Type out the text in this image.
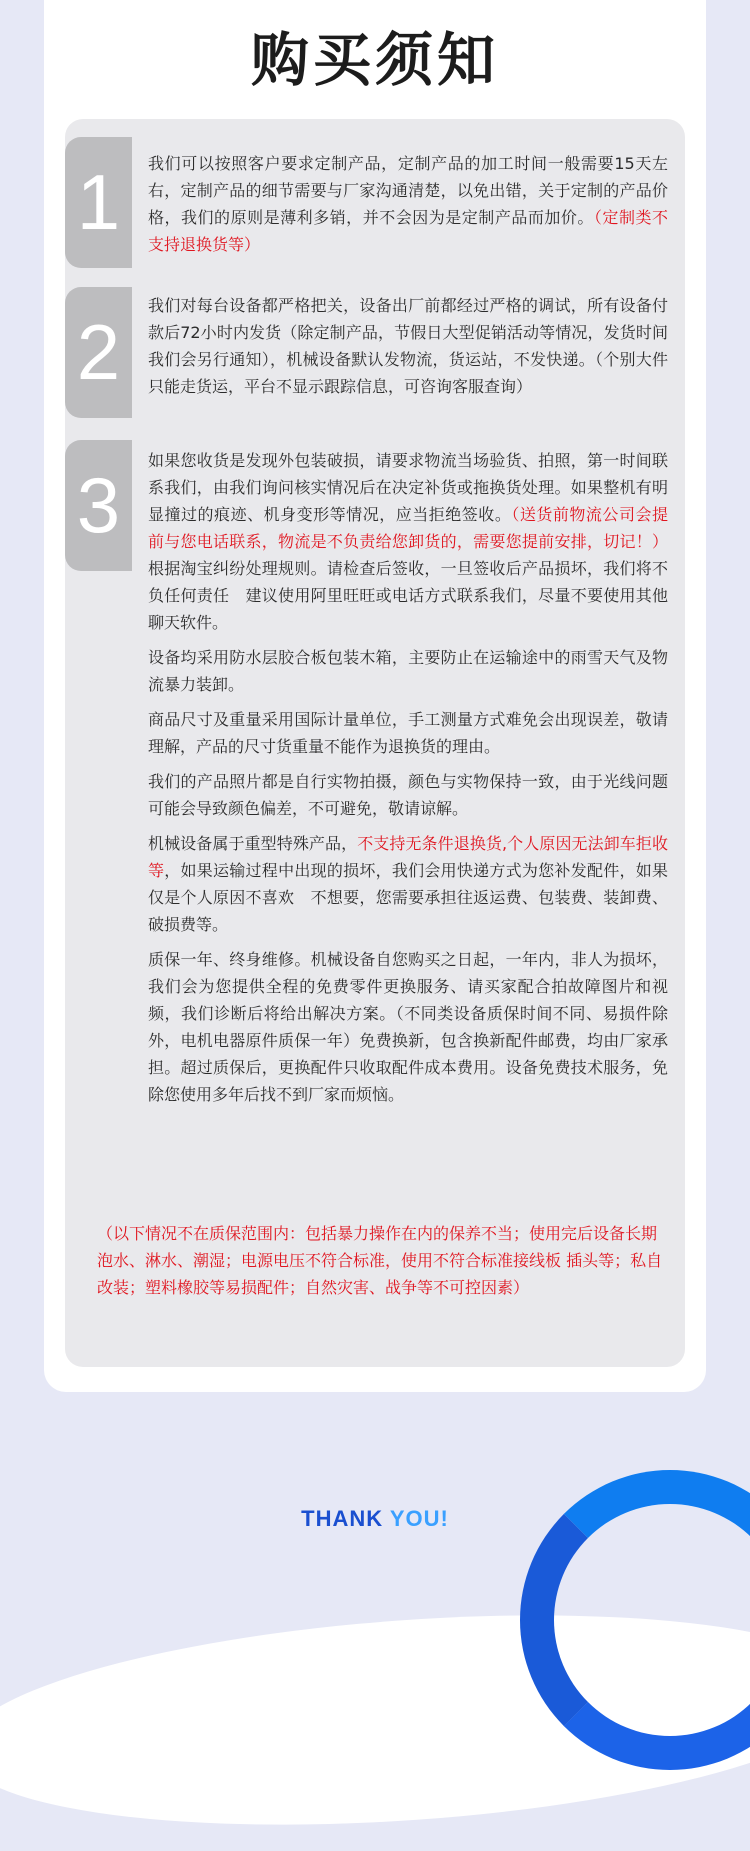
购买须知
1
2
3

我们可以按照客户要求定制产品，定制产品的加工时间一般需要15天左右，定制产品的细节需要与厂家沟通清楚，以免出错，关于定制的产品价格，我们的原则是薄利多销，并不会因为是定制产品而加价。（定制类不支持退换货等）

我们对每台设备都严格把关，设备出厂前都经过严格的调试，所有设备付款后72小时内发货（除定制产品，节假日大型促销活动等情况，发货时间我们会另行通知），机械设备默认发物流，货运站，不发快递。（个别大件只能走货运，平台不显示跟踪信息，可咨询客服查询）

如果您收货是发现外包装破损，请要求物流当场验货、拍照，第一时间联系我们，由我们询问核实情况后在决定补货或拖换货处理。如果整机有明显撞过的痕迹、机身变形等情况，应当拒绝签收。（送货前物流公司会提前与您电话联系，物流是不负责给您卸货的，需要您提前安排，切记！）根据淘宝纠纷处理规则。请检查后签收，一旦签收后产品损坏，我们将不负任何责任　建议使用阿里旺旺或电话方式联系我们，尽量不要使用其他聊天软件。

设备均采用防水层胶合板包装木箱，主要防止在运输途中的雨雪天气及物流暴力装卸。

商品尺寸及重量采用国际计量单位，手工测量方式难免会出现误差，敬请理解，产品的尺寸货重量不能作为退换货的理由。

我们的产品照片都是自行实物拍摄，颜色与实物保持一致，由于光线问题可能会导致颜色偏差，不可避免，敬请谅解。

机械设备属于重型特殊产品，不支持无条件退换货,个人原因无法卸车拒收等，如果运输过程中出现的损坏，我们会用快递方式为您补发配件，如果仅是个人原因不喜欢　不想要，您需要承担往返运费、包装费、装卸费、破损费等。

质保一年、终身维修。机械设备自您购买之日起，一年内，非人为损坏，我们会为您提供全程的免费零件更换服务、请买家配合拍故障图片和视频，我们诊断后将给出解决方案。（不同类设备质保时间不同、易损件除外，电机电器原件质保一年）免费换新，包含换新配件邮费，均由厂家承担。超过质保后，更换配件只收取配件成本费用。设备免费技术服务，免除您使用多年后找不到厂家而烦恼。

（以下情况不在质保范围内：包括暴力操作在内的保养不当；使用完后设备长期泡水、淋水、潮湿；电源电压不符合标准，使用不符合标准接线板 插头等；私自改装；塑料橡胶等易损配件；自然灾害、战争等不可控因素）
THANK YOU!
